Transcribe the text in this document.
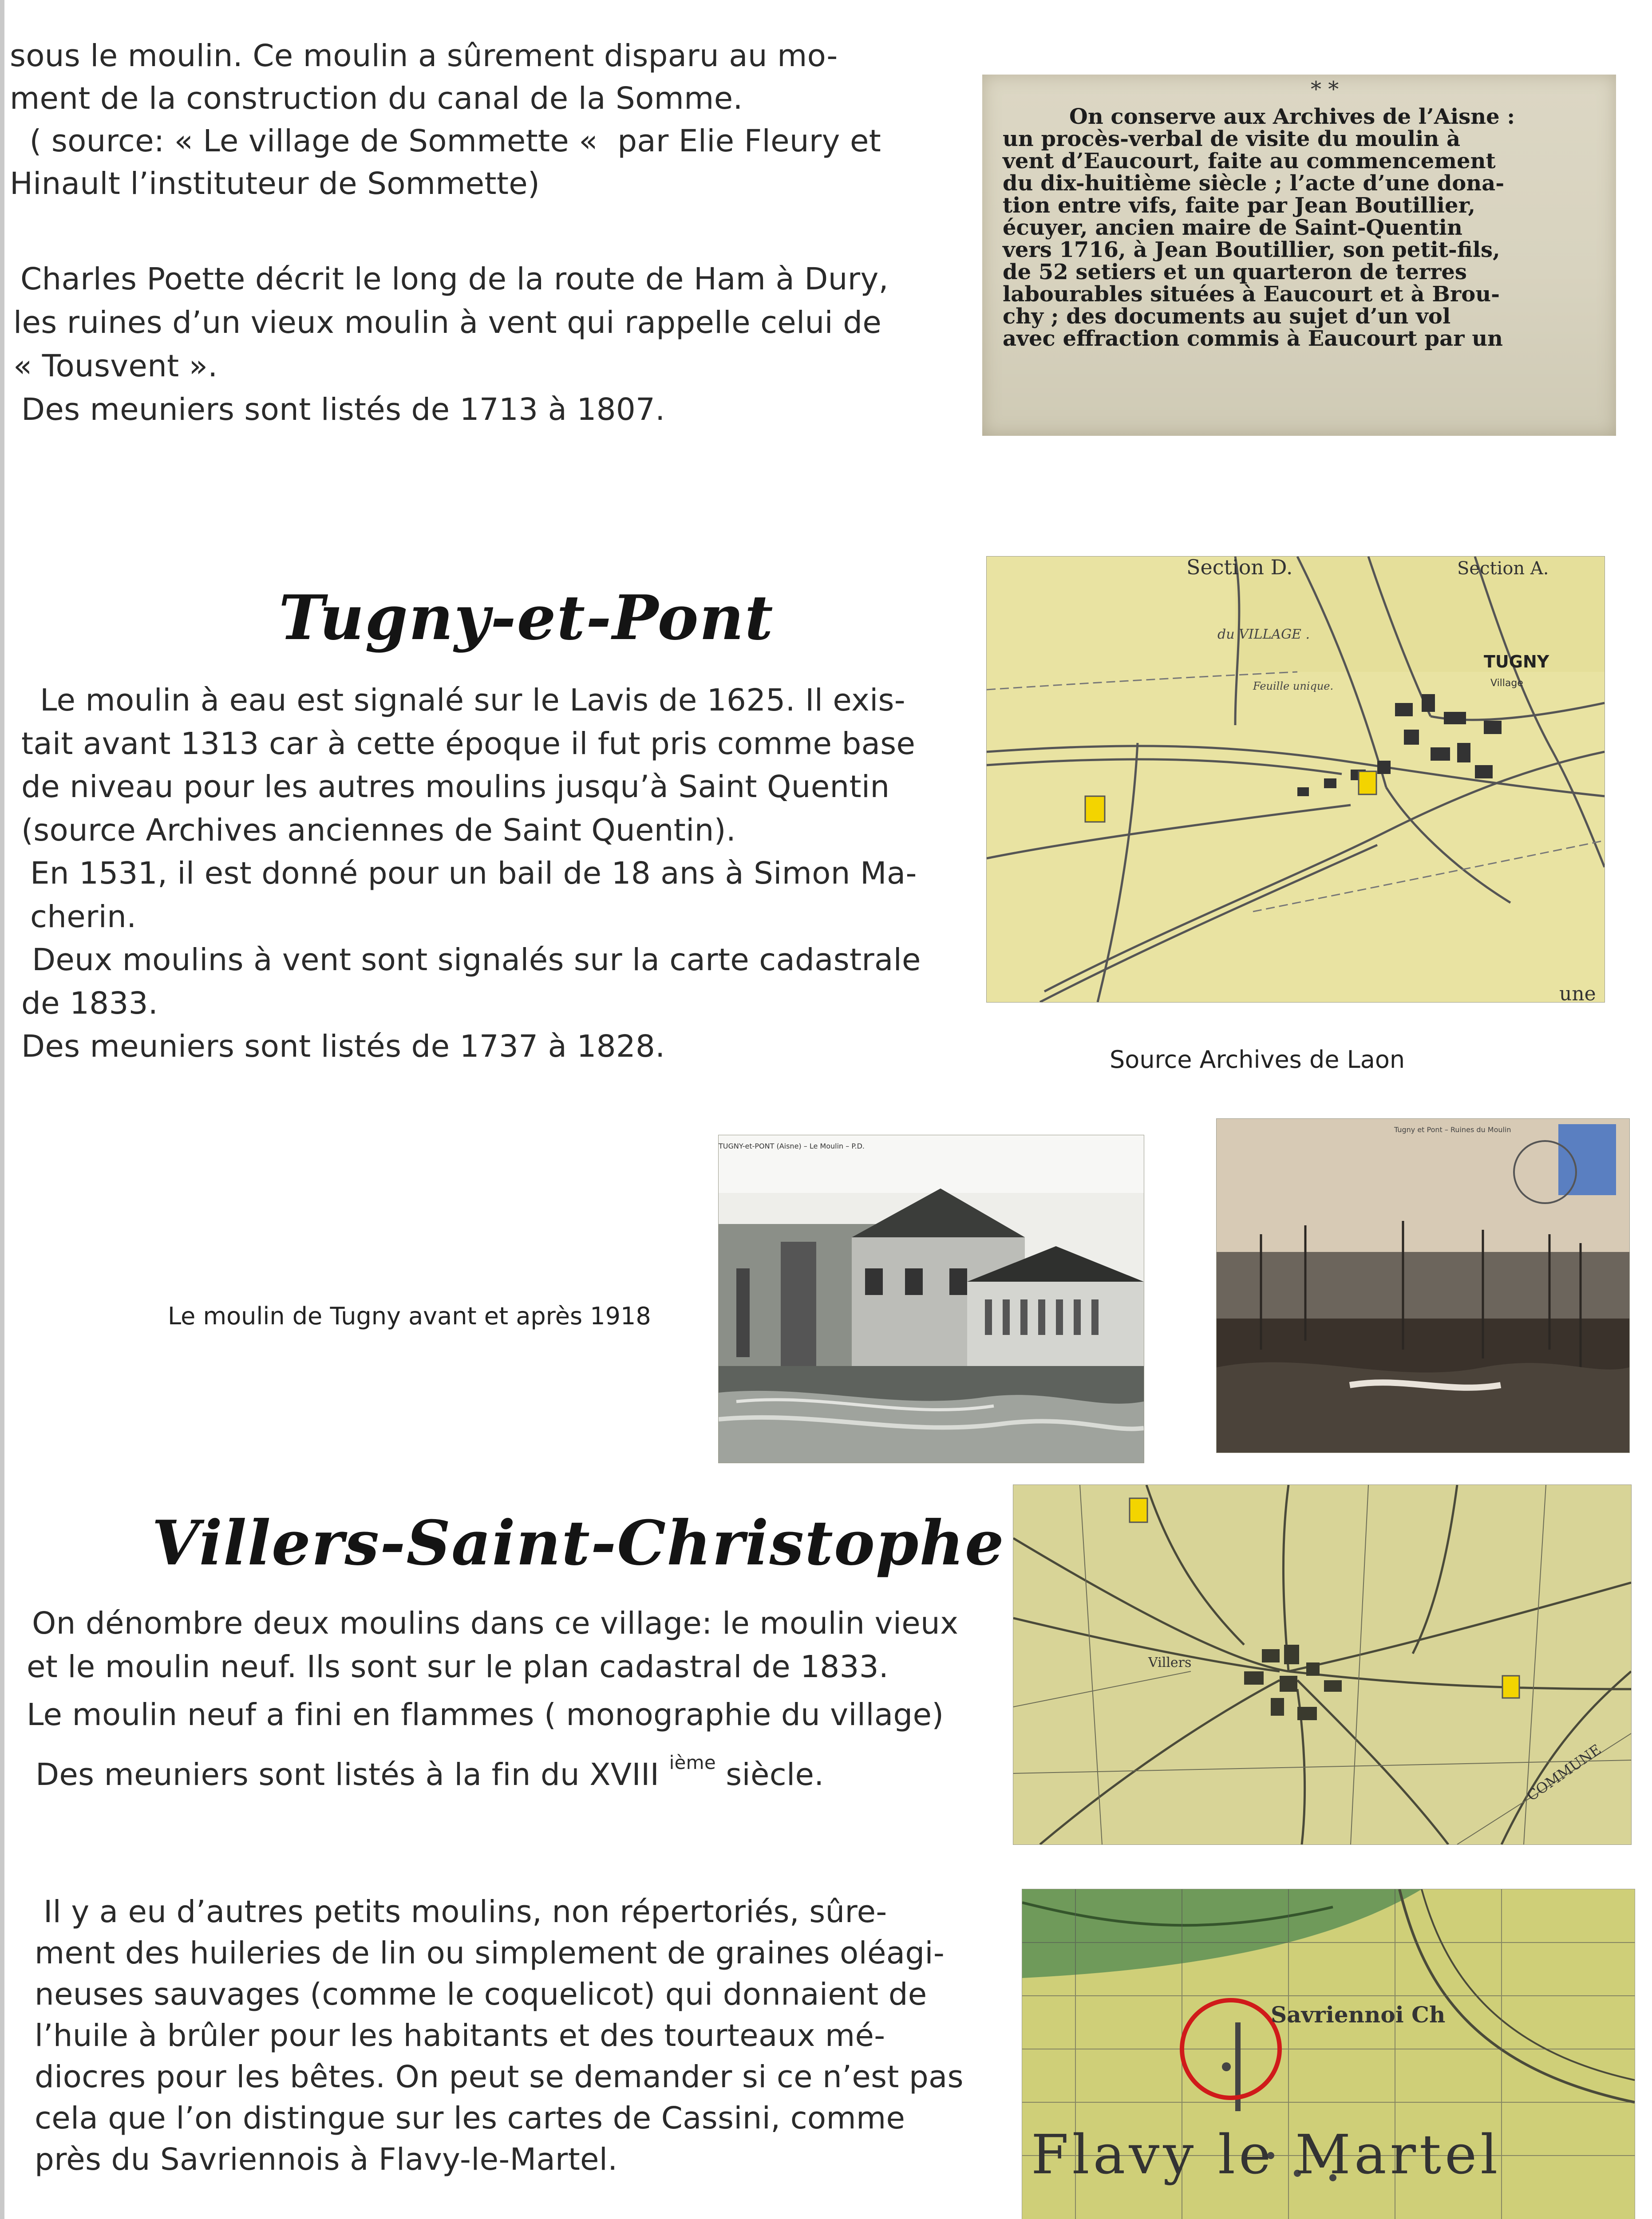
sous le moulin. Ce moulin a sûrement disparu au mo-
ment de la construction du canal de la Somme.
( source: « Le village de Sommette «  par Elie Fleury et
Hinault l’instituteur de Sommette)
Charles Poette décrit le long de la route de Ham à Dury,
les ruines d’un vieux moulin à vent qui rappelle celui de
« Tousvent ».
Des meuniers sont listés de 1713 à 1807.
* *
On conserve aux Archives de l’Aisne :
un procès-verbal de visite du moulin à
vent d’Eaucourt, faite au commencement
du dix-huitième siècle ; l’acte d’une dona-
tion entre vifs, faite par Jean Boutillier,
écuyer, ancien maire de Saint-Quentin
vers 1716, à Jean Boutillier, son petit-fils,
de 52 setiers et un quarteron de terres
labourables situées à Eaucourt et à Brou-
chy ; des documents au sujet d’un vol
avec effraction commis à Eaucourt par un
Tugny-et-Pont
Le moulin à eau est signalé sur le Lavis de 1625. Il exis-
tait avant 1313 car à cette époque il fut pris comme base
de niveau pour les autres moulins jusqu’à Saint Quentin
(source Archives anciennes de Saint Quentin).
En 1531, il est donné pour un bail de 18 ans à Simon Ma-
cherin.
Deux moulins à vent sont signalés sur la carte cadastrale
de 1833.
Des meuniers sont listés de 1737 à 1828.
Section D.	Section A.
du VILLAGE .
Feuille unique.
TUGNY
Village
une
Source Archives de Laon
Le moulin de Tugny avant et après 1918
TUGNY-et-PONT (Aisne) – Le Moulin – P.D.
Tugny et Pont – Ruines du Moulin
Villers-Saint-Christophe
On dénombre deux moulins dans ce village: le moulin vieux
et le moulin neuf. Ils sont sur le plan cadastral de 1833.
Le moulin neuf a fini en flammes ( monographie du village)
Des meuniers sont listés à la fin du XVIII $^{ième}$ siècle.
Villers
COMMUNE
Il y a eu d’autres petits moulins, non répertoriés, sûre-
ment des huileries de lin ou simplement de graines oléagi-
neuses sauvages (comme le coquelicot) qui donnaient de
l’huile à brûler pour les habitants et des tourteaux mé-
diocres pour les bêtes. On peut se demander si ce n’est pas
cela que l’on distingue sur les cartes de Cassini, comme
près du Savriennois à Flavy-le-Martel.
Savriennoi Ch
Flavy le Martel
